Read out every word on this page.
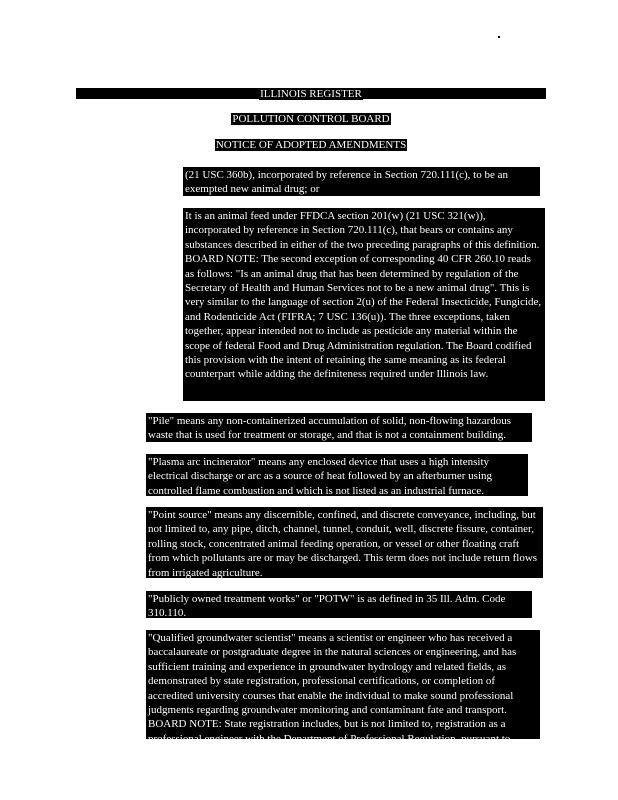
ILLINOIS REGISTER
POLLUTION CONTROL BOARD
NOTICE OF ADOPTED AMENDMENTS

(21 USC 360b), incorporated by reference in Section 720.111(c), to be an exempted new animal drug; or

It is an animal feed under FFDCA section 201(w) (21 USC 321(w)), incorporated by reference in Section 720.111(c), that bears or contains any substances described in either of the two preceding paragraphs of this definition.

BOARD NOTE: The second exception of corresponding 40 CFR 260.10 reads as follows: "Is an animal drug that has been determined by regulation of the Secretary of Health and Human Services not to be a new animal drug". This is very similar to the language of section 2(u) of the Federal Insecticide, Fungicide, and Rodenticide Act (FIFRA; 7 USC 136(u)). The three exceptions, taken together, appear intended not to include as pesticide any material within the scope of federal Food and Drug Administration regulation. The Board codified this provision with the intent of retaining the same meaning as its federal counterpart while adding the definiteness required under Illinois law.

"Pile" means any non-containerized accumulation of solid, non-flowing hazardous waste that is used for treatment or storage, and that is not a containment building.

"Plasma arc incinerator" means any enclosed device that uses a high intensity electrical discharge or arc as a source of heat followed by an afterburner using controlled flame combustion and which is not listed as an industrial furnace.

"Point source" means any discernible, confined, and discrete conveyance, including, but not limited to, any pipe, ditch, channel, tunnel, conduit, well, discrete fissure, container, rolling stock, concentrated animal feeding operation, or vessel or other floating craft from which pollutants are or may be discharged. This term does not include return flows from irrigated agriculture.

"Publicly owned treatment works" or "POTW" is as defined in 35 Ill. Adm. Code 310.110.

"Qualified groundwater scientist" means a scientist or engineer who has received a baccalaureate or postgraduate degree in the natural sciences or engineering, and has sufficient training and experience in groundwater hydrology and related fields, as demonstrated by state registration, professional certifications, or completion of accredited university courses that enable the individual to make sound professional judgments regarding groundwater monitoring and contaminant fate and transport.

BOARD NOTE: State registration includes, but is not limited to, registration as a professional engineer with the Department of Professional Regulation, pursuant to
